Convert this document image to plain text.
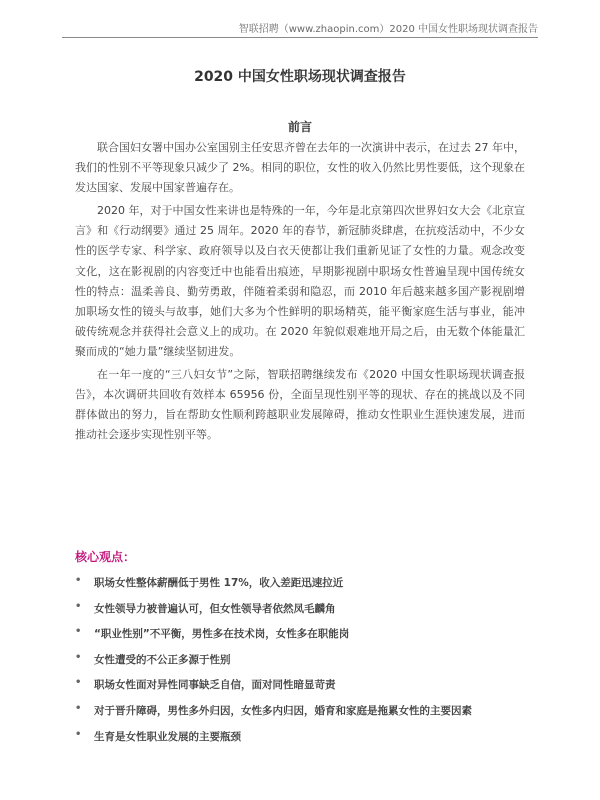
智联招聘（www.zhaopin.com）2020 中国女性职场现状调查报告
2020 中国女性职场现状调查报告
前言

联合国妇女署中国办公室国别主任安思齐曾在去年的一次演讲中表示，在过去 27 年中，我们的性别不平等现象只减少了 2%。相同的职位，女性的收入仍然比男性要低，这个现象在发达国家、发展中国家普遍存在。

2020 年，对于中国女性来讲也是特殊的一年，今年是北京第四次世界妇女大会《北京宣言》和《行动纲要》通过 25 周年。2020 年的春节，新冠肺炎肆虐，在抗疫活动中，不少女性的医学专家、科学家、政府领导以及白衣天使都让我们重新见证了女性的力量。观念改变文化，这在影视剧的内容变迁中也能看出痕迹，早期影视剧中职场女性普遍呈现中国传统女性的特点：温柔善良、勤劳勇敢，伴随着柔弱和隐忍，而 2010 年后越来越多国产影视剧增加职场女性的镜头与故事，她们大多为个性鲜明的职场精英，能平衡家庭生活与事业，能冲破传统观念并获得社会意义上的成功。在 2020 年貌似艰难地开局之后，由无数个体能量汇聚而成的“她力量”继续坚韧进发。

在一年一度的“三八妇女节”之际，智联招聘继续发布《2020 中国女性职场现状调查报告》，本次调研共回收有效样本 65956 份，全面呈现性别平等的现状、存在的挑战以及不同群体做出的努力，旨在帮助女性顺利跨越职业发展障碍，推动女性职业生涯快速发展，进而推动社会逐步实现性别平等。

核心观点：
• 职场女性整体薪酬低于男性 17%，收入差距迅速拉近
• 女性领导力被普遍认可，但女性领导者依然凤毛麟角
• “职业性别”不平衡，男性多在技术岗，女性多在职能岗
• 女性遭受的不公正多源于性别
• 职场女性面对异性同事缺乏自信，面对同性暗显苛责
• 对于晋升障碍，男性多外归因，女性多内归因，婚育和家庭是拖累女性的主要因素
• 生育是女性职业发展的主要瓶颈
